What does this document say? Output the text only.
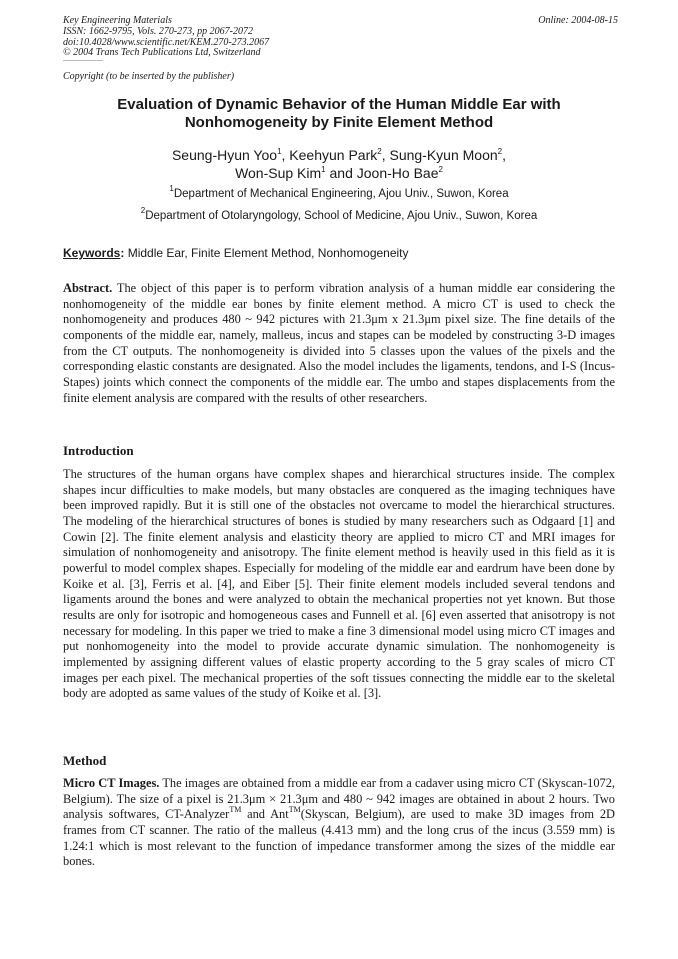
Key Engineering Materials
ISSN: 1662-9795, Vols. 270-273, pp 2067-2072
doi:10.4028/www.scientific.net/KEM.270-273.2067
© 2004 Trans Tech Publications Ltd, Switzerland
Online: 2004-08-15
Copyright (to be inserted by the publisher)
Evaluation of Dynamic Behavior of the Human Middle Ear with
Nonhomogeneity by Finite Element Method
Seung-Hyun Yoo$^1$, Keehyun Park$^2$, Sung-Kyun Moon$^2$,
Won-Sup Kim$^1$ and Joon-Ho Bae$^2$
$^1$Department of Mechanical Engineering, Ajou Univ., Suwon, Korea
$^2$Department of Otolaryngology, School of Medicine, Ajou Univ., Suwon, Korea
Keywords: Middle Ear, Finite Element Method, Nonhomogeneity
Abstract. The object of this paper is to perform vibration analysis of a human middle ear considering the nonhomogeneity of the middle ear bones by finite element method. A micro CT is used to check the nonhomogeneity and produces 480 ~ 942 pictures with 21.3μm x 21.3μm pixel size. The fine details of the components of the middle ear, namely, malleus, incus and stapes can be modeled by constructing 3-D images from the CT outputs. The nonhomogeneity is divided into 5 classes upon the values of the pixels and the corresponding elastic constants are designated. Also the model includes the ligaments, tendons, and I-S (Incus-Stapes) joints which connect the components of the middle ear. The umbo and stapes displacements from the finite element analysis are compared with the results of other researchers.
Introduction
The structures of the human organs have complex shapes and hierarchical structures inside. The complex shapes incur difficulties to make models, but many obstacles are conquered as the imaging techniques have been improved rapidly. But it is still one of the obstacles not overcame to model the hierarchical structures. The modeling of the hierarchical structures of bones is studied by many researchers such as Odgaard [1] and Cowin [2]. The finite element analysis and elasticity theory are applied to micro CT and MRI images for simulation of nonhomogeneity and anisotropy. The finite element method is heavily used in this field as it is powerful to model complex shapes. Especially for modeling of the middle ear and eardrum have been done by Koike et al. [3], Ferris et al. [4], and Eiber [5]. Their finite element models included several tendons and ligaments around the bones and were analyzed to obtain the mechanical properties not yet known. But those results are only for isotropic and homogeneous cases and Funnell et al. [6] even asserted that anisotropy is not necessary for modeling. In this paper we tried to make a fine 3 dimensional model using micro CT images and put nonhomogeneity into the model to provide accurate dynamic simulation. The nonhomogeneity is implemented by assigning different values of elastic property according to the 5 gray scales of micro CT images per each pixel. The mechanical properties of the soft tissues connecting the middle ear to the skeletal body are adopted as same values of the study of Koike et al. [3].
Method
Micro CT Images. The images are obtained from a middle ear from a cadaver using micro CT (Skyscan-1072, Belgium). The size of a pixel is 21.3μm × 21.3μm and 480 ~ 942 images are obtained in about 2 hours. Two analysis softwares, CT-Analyzer™ and Ant™(Skyscan, Belgium), are used to make 3D images from 2D frames from CT scanner. The ratio of the malleus (4.413 mm) and the long crus of the incus (3.559 mm) is 1.24:1 which is most relevant to the function of impedance transformer among the sizes of the middle ear bones.
